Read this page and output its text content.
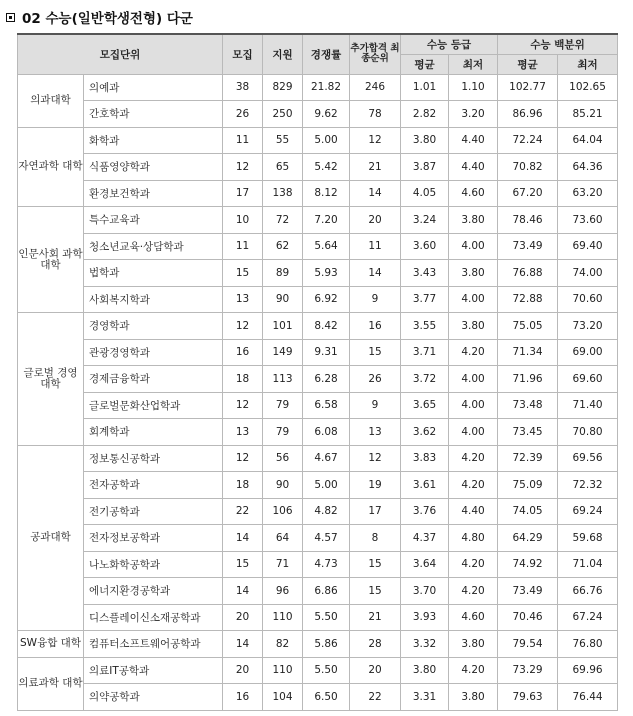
02 수능(일반학생전형) 다군
모집단위		모집	지원	경쟁률	추가합격 최종순위	수능 등급		수능 백분위	
						평균	최저	평균	최저
의과대학	의예과	38	829	21.82	246	1.01	1.10	102.77	102.65
	간호학과	26	250	9.62	78	2.82	3.20	86.96	85.21
자연과학 대학	화학과	11	55	5.00	12	3.80	4.40	72.24	64.04
	식품영양학과	12	65	5.42	21	3.87	4.40	70.82	64.36
	환경보건학과	17	138	8.12	14	4.05	4.60	67.20	63.20
인문사회 과학대학	특수교육과	10	72	7.20	20	3.24	3.80	78.46	73.60
	청소년교육·상담학과	11	62	5.64	11	3.60	4.00	73.49	69.40
	법학과	15	89	5.93	14	3.43	3.80	76.88	74.00
	사회복지학과	13	90	6.92	9	3.77	4.00	72.88	70.60
글로벌 경영 대학	경영학과	12	101	8.42	16	3.55	3.80	75.05	73.20
	관광경영학과	16	149	9.31	15	3.71	4.20	71.34	69.00
	경제금융학과	18	113	6.28	26	3.72	4.00	71.96	69.60
	글로벌문화산업학과	12	79	6.58	9	3.65	4.00	73.48	71.40
	회계학과	13	79	6.08	13	3.62	4.00	73.45	70.80
공과대학	정보통신공학과	12	56	4.67	12	3.83	4.20	72.39	69.56
	전자공학과	18	90	5.00	19	3.61	4.20	75.09	72.32
	전기공학과	22	106	4.82	17	3.76	4.40	74.05	69.24
	전자정보공학과	14	64	4.57	8	4.37	4.80	64.29	59.68
	나노화학공학과	15	71	4.73	15	3.64	4.20	74.92	71.04
	에너지환경공학과	14	96	6.86	15	3.70	4.20	73.49	66.76
	디스플레이신소재공학과	20	110	5.50	21	3.93	4.60	70.46	67.24
SW융합 대학	컴퓨터소프트웨어공학과	14	82	5.86	28	3.32	3.80	79.54	76.80
의료과학 대학	의료IT공학과	20	110	5.50	20	3.80	4.20	73.29	69.96
	의약공학과	16	104	6.50	22	3.31	3.80	79.63	76.44
